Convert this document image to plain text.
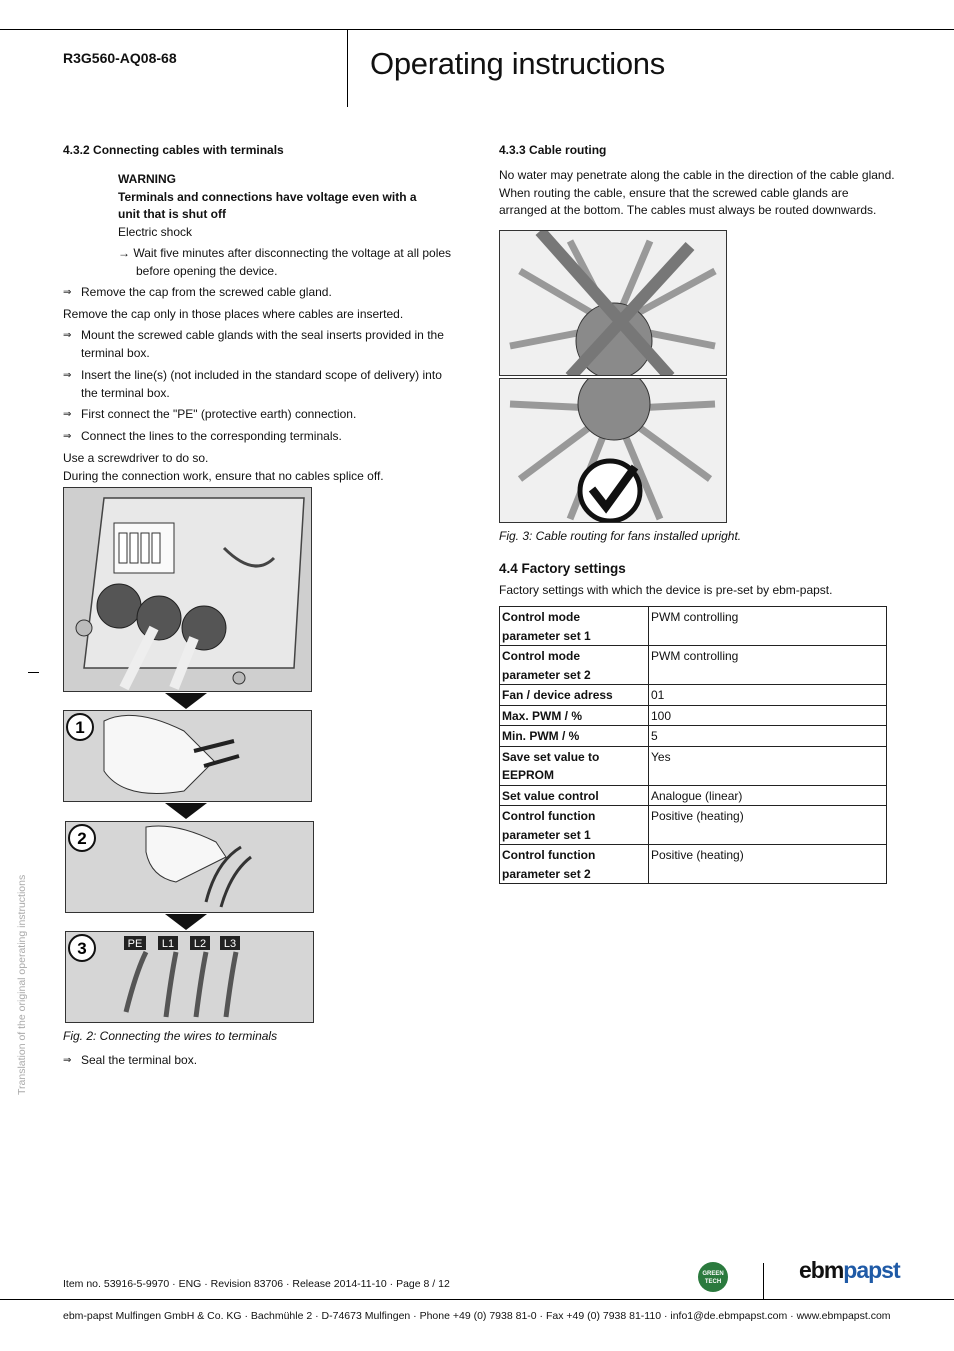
R3G560-AQ08-68	Operating instructions
4.3.2 Connecting cables with terminals
WARNING
Terminals and connections have voltage even with a
unit that is shut off
Electric shock
→ Wait five minutes after disconnecting the voltage at all poles
before opening the device.
⇒ Remove the cap from the screwed cable gland.
Remove the cap only in those places where cables are inserted.
⇒ Mount the screwed cable glands with the seal inserts provided in the
terminal box.
⇒ Insert the line(s) (not included in the standard scope of delivery) into
the terminal box.
⇒ First connect the "PE" (protective earth) connection.
⇒ Connect the lines to the corresponding terminals.
Use a screwdriver to do so.
During the connection work, ensure that no cables splice off.
1
2
3	PE L1 L2 L3
Fig. 2: Connecting the wires to terminals
⇒ Seal the terminal box.
4.3.3 Cable routing
No water may penetrate along the cable in the direction of the cable gland.
When routing the cable, ensure that the screwed cable glands are
arranged at the bottom. The cables must always be routed downwards.
Fig. 3: Cable routing for fans installed upright.
4.4 Factory settings
Factory settings with which the device is pre-set by ebm-papst.
Control mode
parameter set 1	PWM controlling

Control mode
parameter set 2	PWM controlling

Fan / device adress	01

Max. PWM / %	100

Min. PWM / %	5

Save set value to
EEPROM	Yes

Set value control	Analogue (linear)

Control function
parameter set 1	Positive (heating)

Control function
parameter set 2	Positive (heating)
Translation of the original operating instructions
Item no. 53916-5-9970 · ENG · Revision 83706 · Release 2014-11-10 · Page 8 / 12
GREEN
TECH	ebmpapst
ebm-papst Mulfingen GmbH & Co. KG · Bachmühle 2 · D-74673 Mulfingen · Phone +49 (0) 7938 81-0 · Fax +49 (0) 7938 81-110 · info1@de.ebmpapst.com · www.ebmpapst.com
